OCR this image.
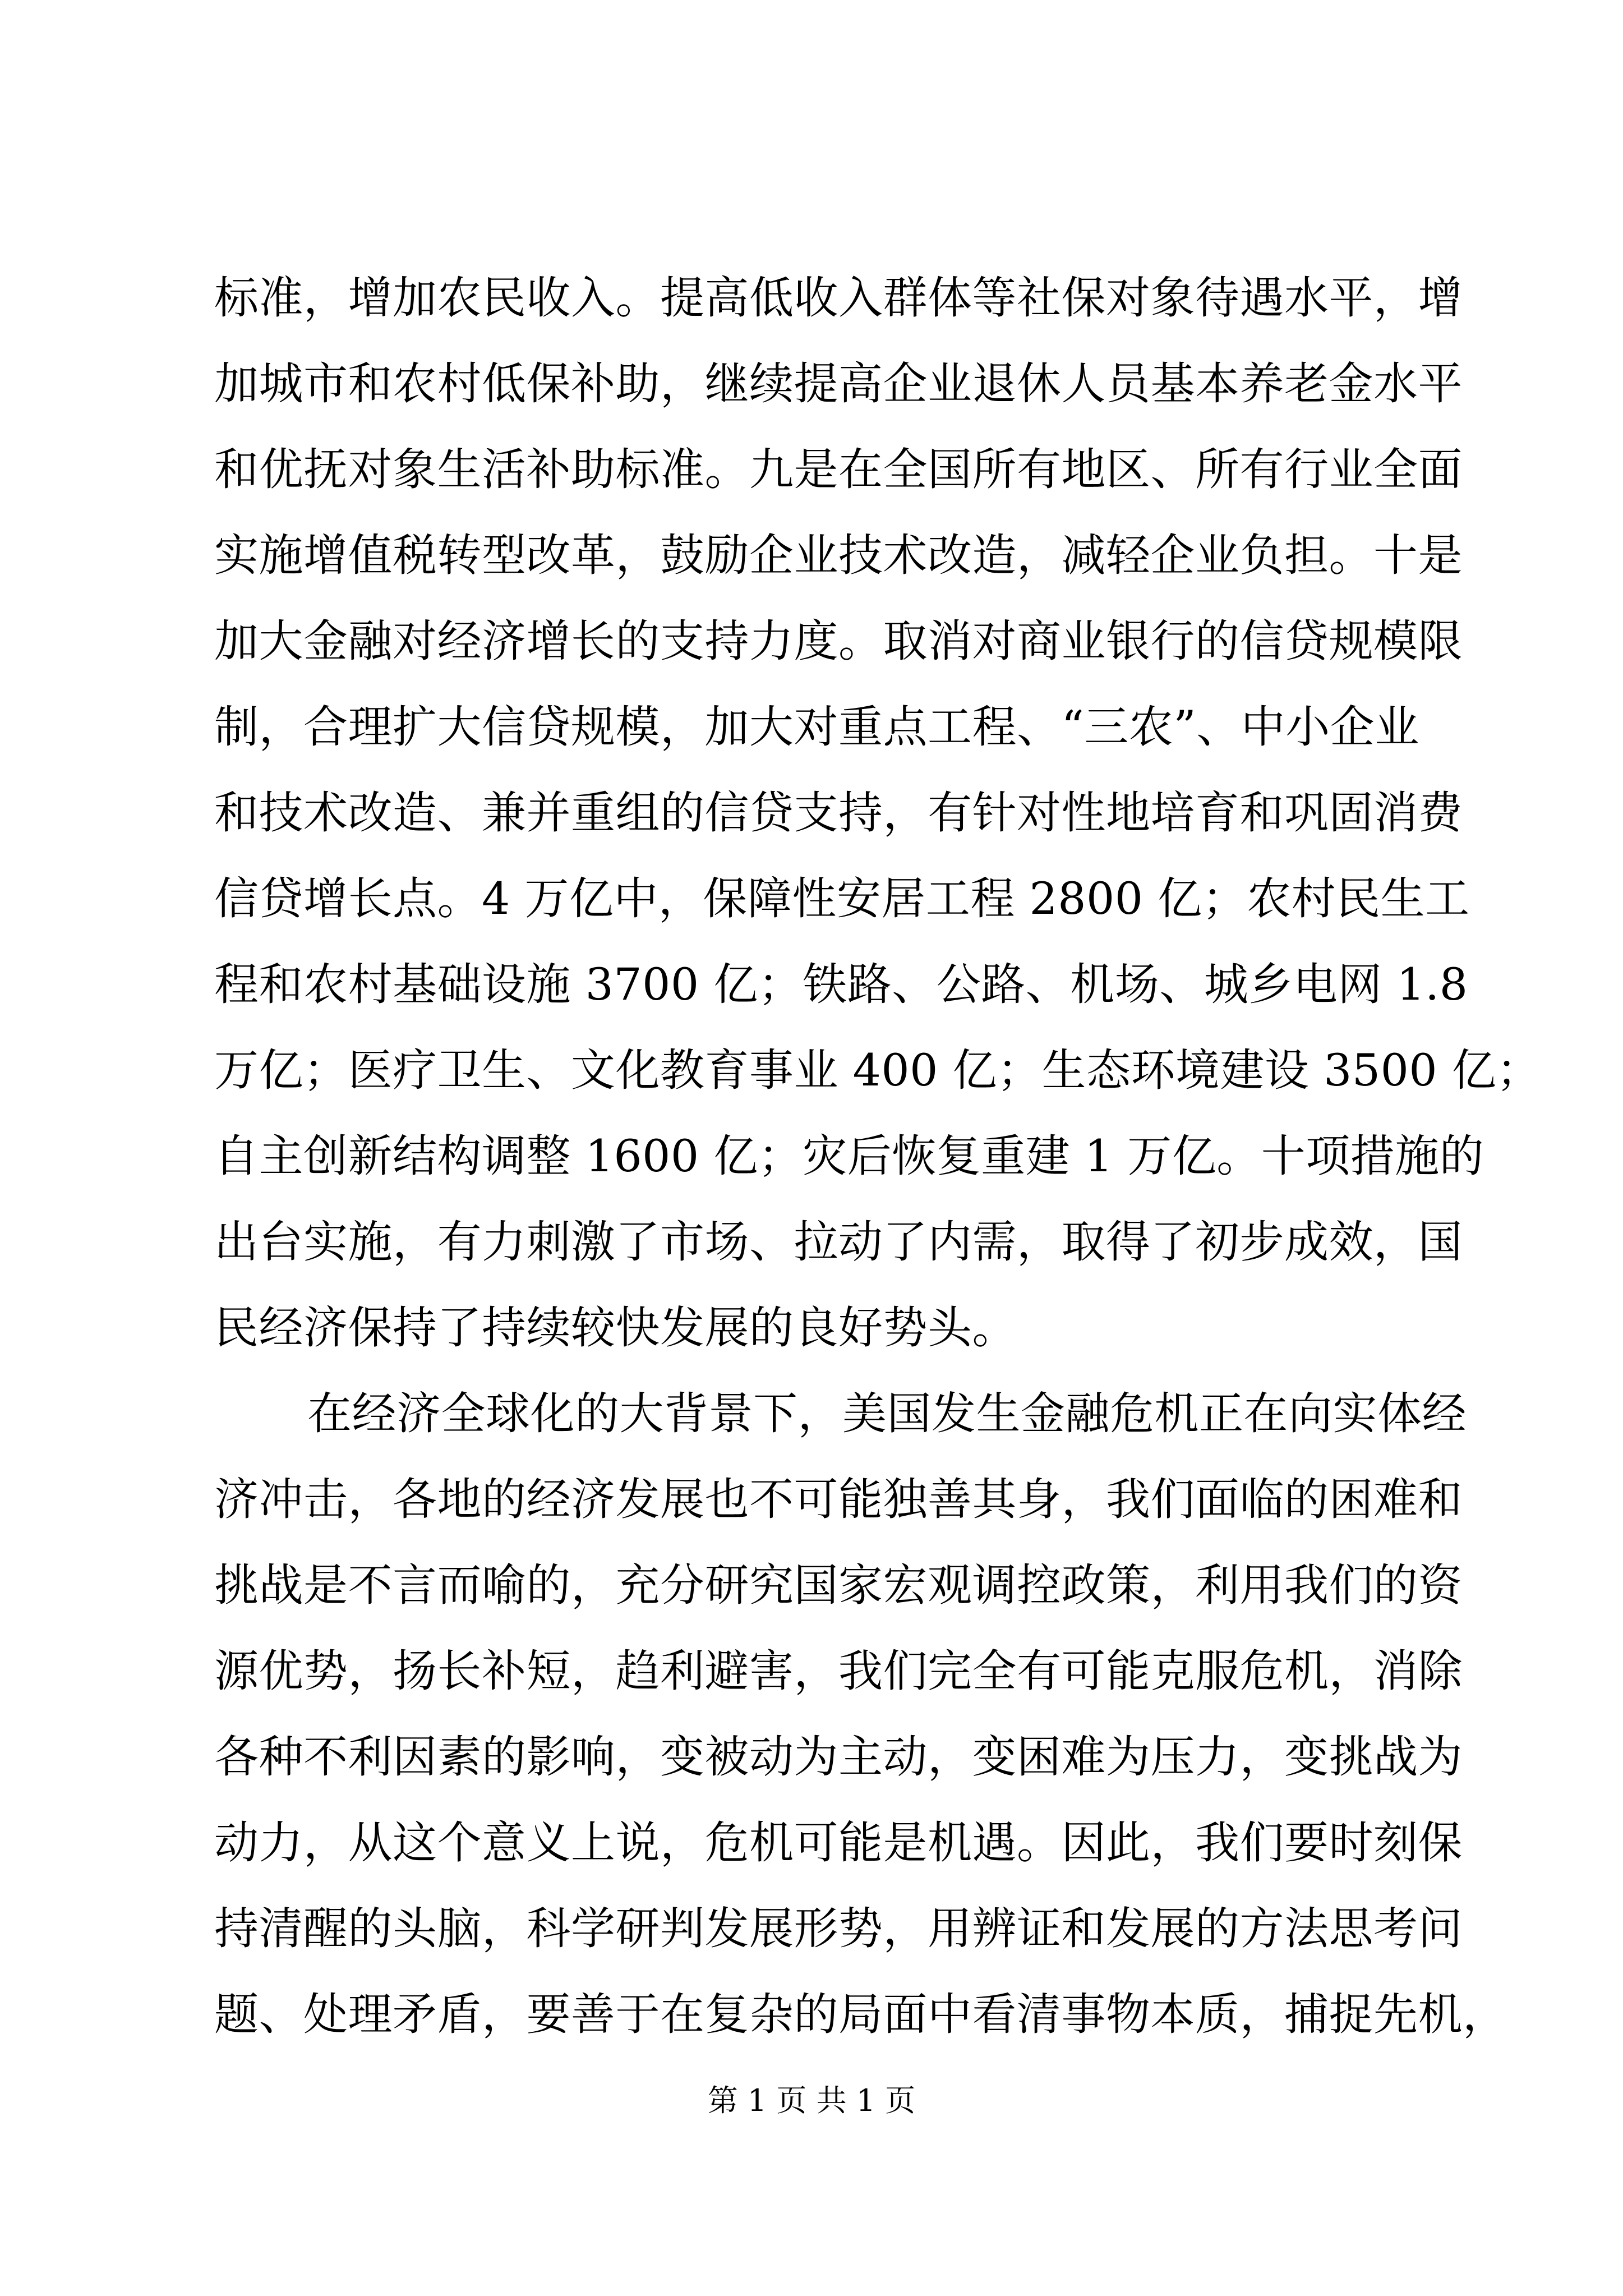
标准，增加农民收入。提高低收入群体等社保对象待遇水平，增
加城市和农村低保补助，继续提高企业退休人员基本养老金水平
和优抚对象生活补助标准。九是在全国所有地区、所有行业全面
实施增值税转型改革，鼓励企业技术改造，减轻企业负担。十是
加大金融对经济增长的支持力度。取消对商业银行的信贷规模限
制，合理扩大信贷规模，加大对重点工程、“三农”、中小企业
和技术改造、兼并重组的信贷支持，有针对性地培育和巩固消费
信贷增长点。4 万亿中，保障性安居工程 2800 亿；农村民生工
程和农村基础设施 3700 亿；铁路、公路、机场、城乡电网 1.8
万亿；医疗卫生、文化教育事业 400 亿；生态环境建设 3500 亿；
自主创新结构调整 1600 亿；灾后恢复重建 1 万亿。十项措施的
出台实施，有力刺激了市场、拉动了内需，取得了初步成效，国
民经济保持了持续较快发展的良好势头。
在经济全球化的大背景下，美国发生金融危机正在向实体经
济冲击，各地的经济发展也不可能独善其身，我们面临的困难和
挑战是不言而喻的，充分研究国家宏观调控政策，利用我们的资
源优势，扬长补短，趋利避害，我们完全有可能克服危机，消除
各种不利因素的影响，变被动为主动，变困难为压力，变挑战为
动力，从这个意义上说，危机可能是机遇。因此，我们要时刻保
持清醒的头脑，科学研判发展形势，用辨证和发展的方法思考问
题、处理矛盾，要善于在复杂的局面中看清事物本质，捕捉先机，
第 1 页 共 1 页
